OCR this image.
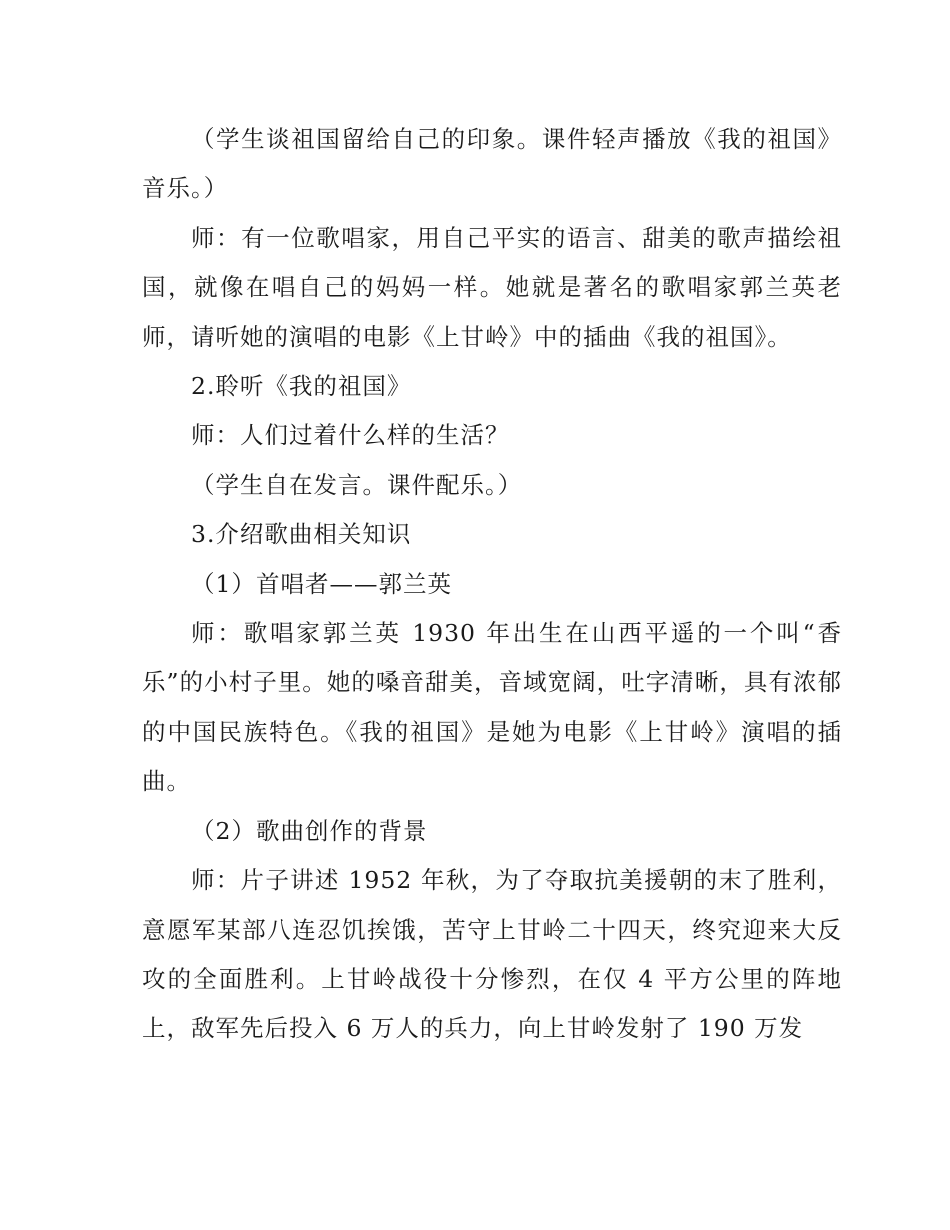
（学生谈祖国留给自己的印象。课件轻声播放《我的祖国》音乐。）

师：有一位歌唱家，用自己平实的语言、甜美的歌声描绘祖国，就像在唱自己的妈妈一样。她就是著名的歌唱家郭兰英老师，请听她的演唱的电影《上甘岭》中的插曲《我的祖国》。

2.聆听《我的祖国》

师：人们过着什么样的生活？

（学生自在发言。课件配乐。）

3.介绍歌曲相关知识

（1）首唱者——郭兰英

师：歌唱家郭兰英 1930 年出生在山西平遥的一个叫“香乐”的小村子里。她的嗓音甜美，音域宽阔，吐字清晰，具有浓郁的中国民族特色。《我的祖国》是她为电影《上甘岭》演唱的插曲。

（2）歌曲创作的背景

师：片子讲述 1952 年秋，为了夺取抗美援朝的末了胜利，意愿军某部八连忍饥挨饿，苦守上甘岭二十四天，终究迎来大反攻的全面胜利。上甘岭战役十分惨烈，在仅 4 平方公里的阵地上，敌军先后投入 6 万人的兵力，向上甘岭发射了 190 万发
